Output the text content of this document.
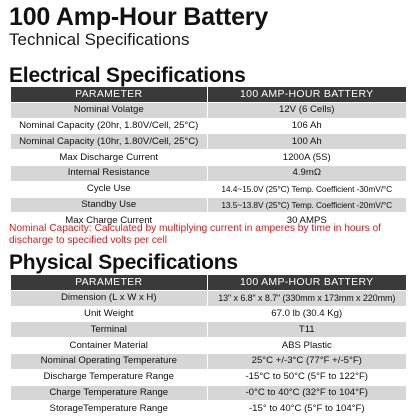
100 Amp-Hour Battery
Technical Specifications
Electrical Specifications
PARAMETER	100 AMP-HOUR BATTERY
Nominal Volatge	12V (6 Cells)
Nominal Capacity (20hr, 1.80V/Cell, 25°C)	106 Ah
Nominal Capacity (10hr, 1.80V/Cell, 25°C)	100 Ah
Max Discharge Current	1200A (5S)
Internal Resistance	4.9mΩ
Cycle Use	14.4~15.0V (25°C) Temp. Coefficient -30mV/°C
Standby Use	13.5~13.8V (25°C) Temp. Coefficient -20mV/°C
Max Charge Current	30 AMPS
Nominal Capacity: Calculated by multiplying current in amperes by time in hours of discharge to specified volts per cell
Physical Specifications
PARAMETER	100 AMP-HOUR BATTERY
Dimension (L x W x H)	13" x 6.8" x 8.7" (330mm x 173mm x 220mm)
Unit Weight	67.0 lb (30.4 Kg)
Terminal	T11
Container Material	ABS Plastic
Nominal Operating Temperature	25°C +/-3°C (77°F +/-5°F)
Discharge Temperature Range	-15°C to 50°C (5°F to 122°F)
Charge Temperature Range	-0°C to 40°C (32°F to 104°F)
StorageTemperature Range	-15° to 40°C (5°F to 104°F)
